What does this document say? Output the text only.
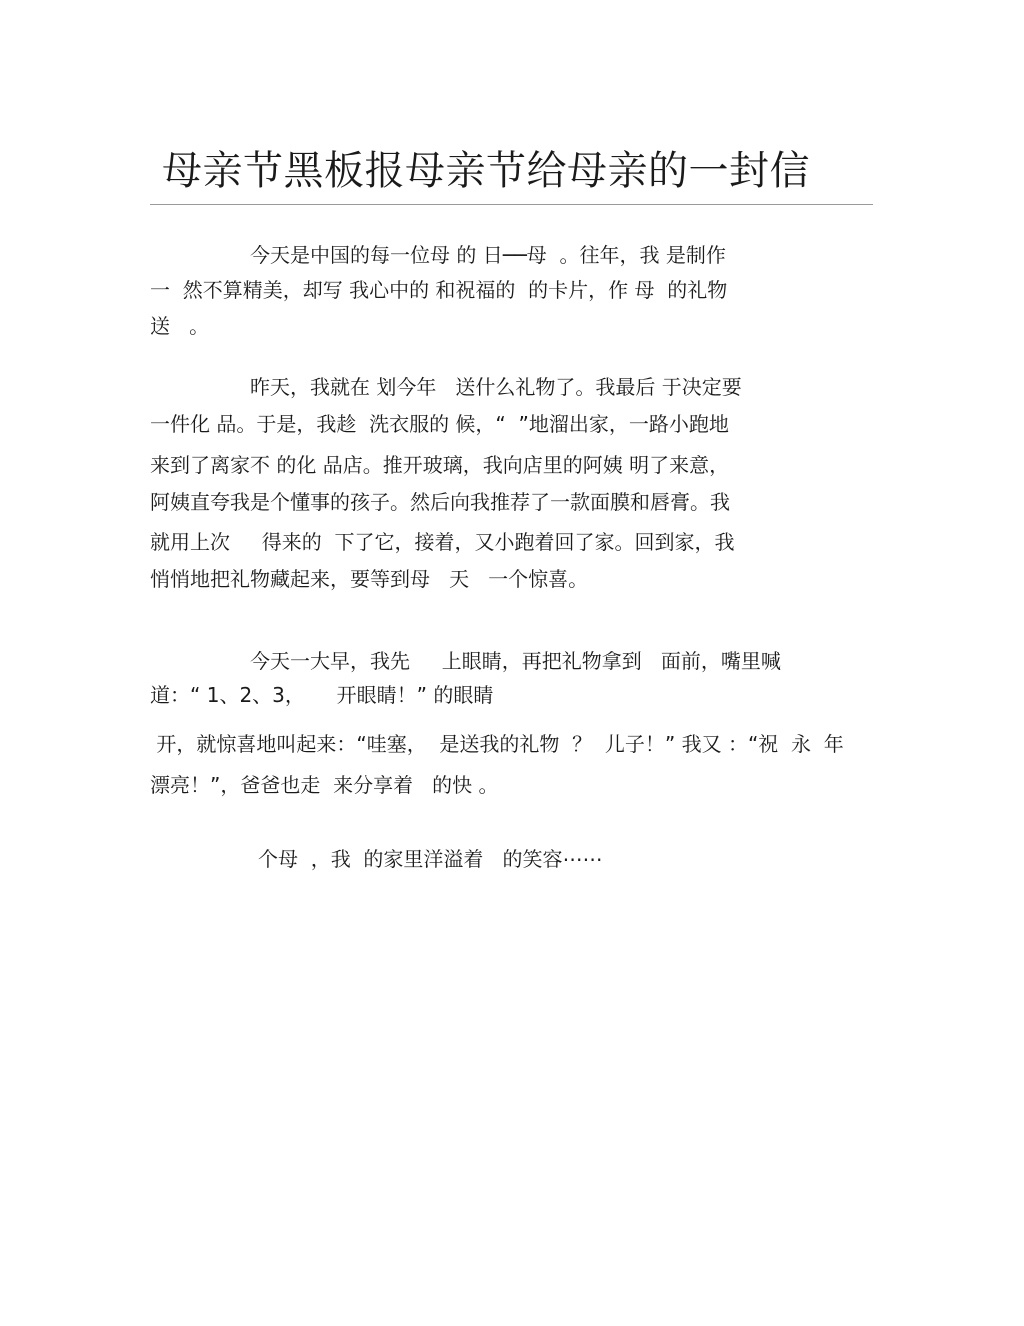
母亲节黑板报母亲节给母亲的一封信

今天是中国的每一位母 的 日──母  。往年，我 是制作

一  然不算精美，却写 我心中的 和祝福的  的卡片，作 母  的礼物

送   。

昨天，我就在 划今年   送什么礼物了。我最后 于决定要

一件化 品。于是，我趁  洗衣服的 候，“  ”地溜出家，一路小跑地

来到了离家不 的化 品店。推开玻璃，我向店里的阿姨 明了来意，

阿姨直夸我是个懂事的孩子。然后向我推荐了一款面膜和唇膏。我

就用上次     得来的  下了它，接着，又小跑着回了家。回到家，我

悄悄地把礼物藏起来，要等到母   天   一个惊喜。

今天一大早，我先     上眼睛，再把礼物拿到   面前，嘴里喊

道：“ 1、2、3，     开眼睛！” 的眼睛

开，就惊喜地叫起来：“哇塞，  是送我的礼物  ？  儿子！” 我又 ：“祝  永  年

漂亮！”，爸爸也走  来分享着   的快 。

个母  ，我  的家里洋溢着   的笑容⋯⋯
